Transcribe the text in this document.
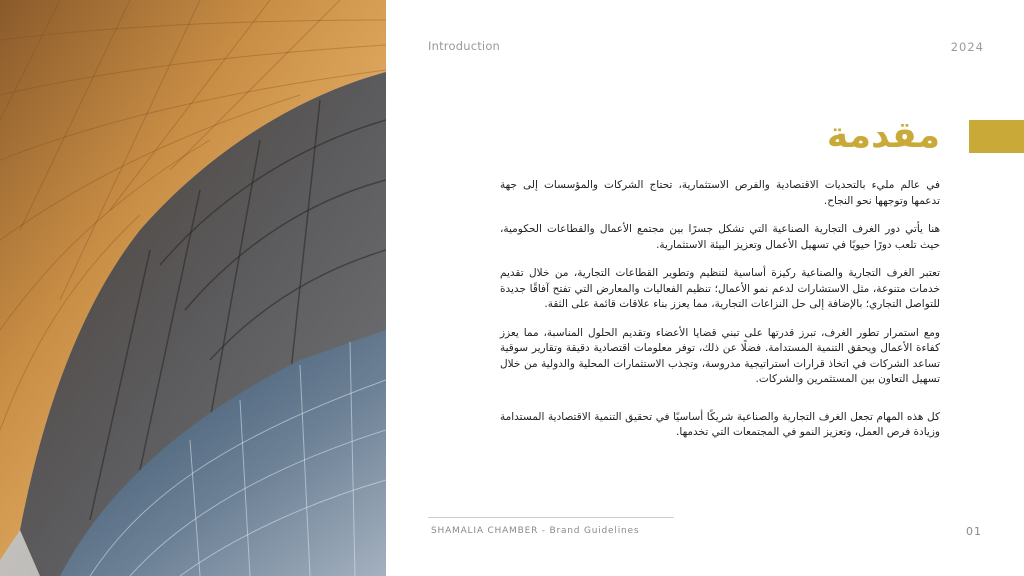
Introduction	2024
مقدمة

في عالم مليء بالتحديات الاقتصادية والفرص الاستثمارية، تحتاج الشركات والمؤسسات إلى جهة تدعمها وتوجهها نحو النجاح.

هنا يأتي دور الغرف التجارية الصناعية التي تشكل جسرًا بين مجتمع الأعمال والقطاعات الحكومية، حيث تلعب دورًا حيويًا في تسهيل الأعمال وتعزيز البيئة الاستثمارية.

تعتبر الغرف التجارية والصناعية ركيزة أساسية لتنظيم وتطوير القطاعات التجارية، من خلال تقديم خدمات متنوعة، مثل الاستشارات لدعم نمو الأعمال؛ تنظيم الفعاليات والمعارض التي تفتح آفاقًا جديدة للتواصل التجاري؛ بالإضافة إلى حل النزاعات التجارية، مما يعزز بناء علاقات قائمة على الثقة.

ومع استمرار تطور الغرف، تبرز قدرتها على تبني قضايا الأعضاء وتقديم الحلول المناسبة، مما يعزز كفاءة الأعمال ويحقق التنمية المستدامة. فضلًا عن ذلك، توفر معلومات اقتصادية دقيقة وتقارير سوقية تساعد الشركات في اتخاذ قرارات استراتيجية مدروسة، وتجذب الاستثمارات المحلية والدولية من خلال تسهيل التعاون بين المستثمرين والشركات.

كل هذه المهام تجعل الغرف التجارية والصناعية شريكًا أساسيًا في تحقيق التنمية الاقتصادية المستدامة وزيادة فرص العمل، وتعزيز النمو في المجتمعات التي تخدمها.

SHAMALIA CHAMBER - Brand Guidelines	01
